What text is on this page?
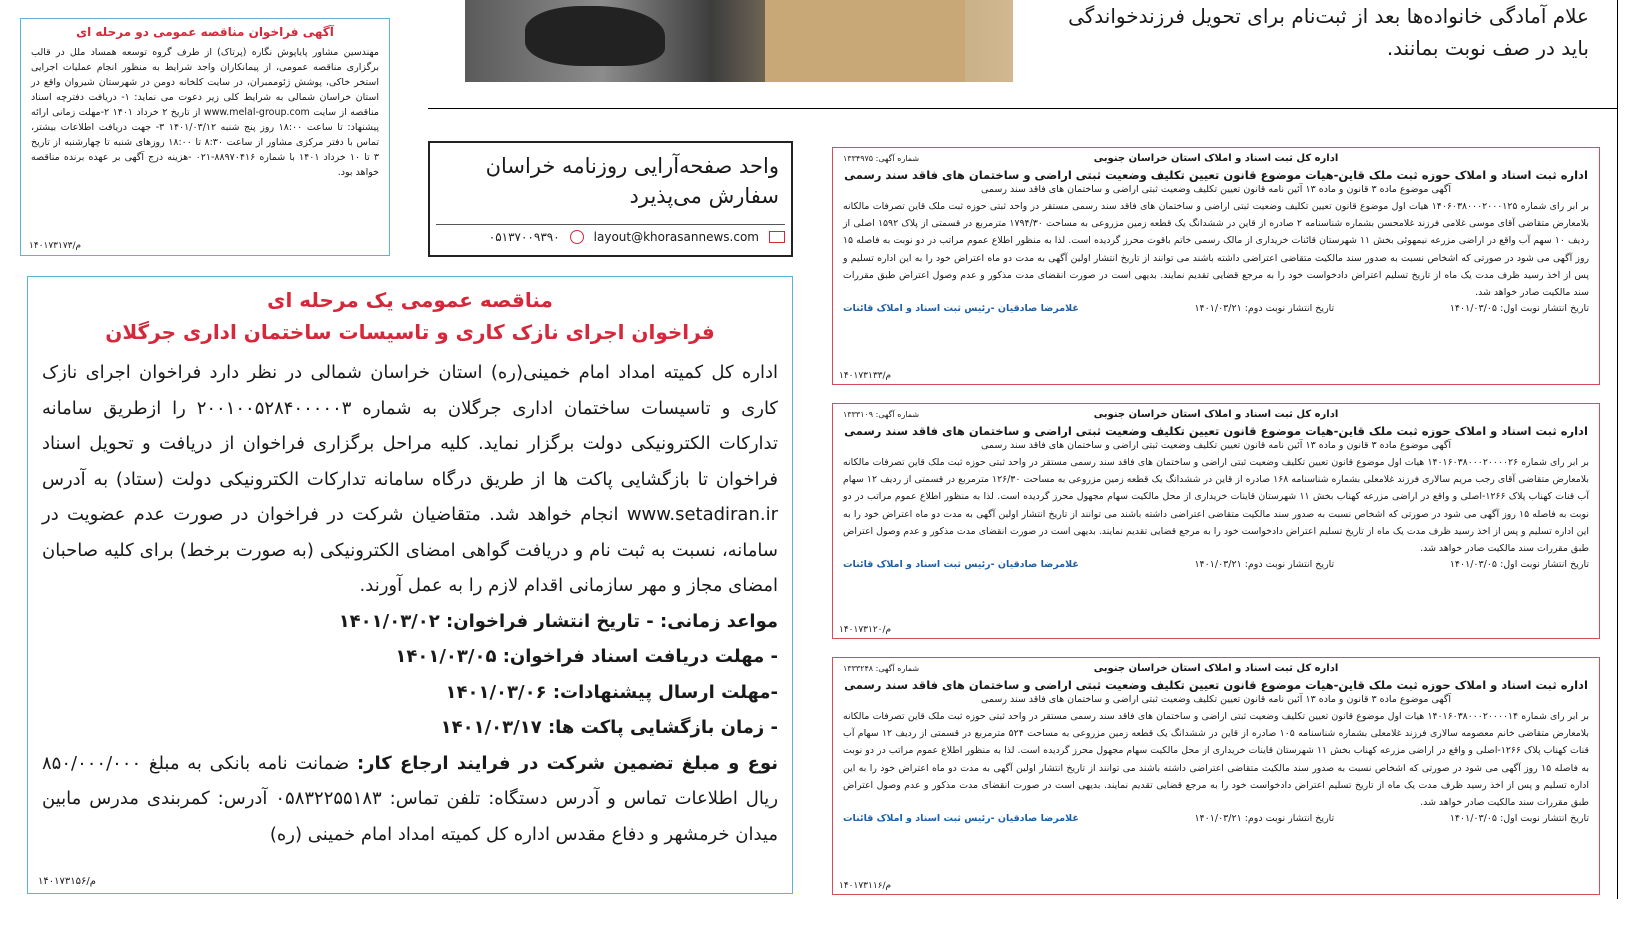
علام آمادگی خانواده‌ها بعد از ثبت‌نام برای تحویل فرزندخواندگی
باید در صف نوبت بمانند.
آگهی فراخوان مناقصه عمومی دو مرحله ای
مهندسین مشاور پایاپوش نگاره (پرتاک) از طرف گروه توسعه همساد ملل در قالب برگزاری مناقصه عمومی، از پیمانکاران واجد شرایط به منظور انجام عملیات اجرایی استخر خاکی، پوشش ژئوممبران، در سایت کلخانه دومن در شهرستان شیروان واقع در استان خراسان شمالی به شرایط کلی زیر دعوت می نماید: ۱- دریافت دفترچه اسناد مناقصه از سایت www.melal-group.com از تاریخ ۲ خرداد ۱۴۰۱ ۲-مهلت زمانی ارائه پیشنهاد: تا ساعت ۱۸:۰۰ روز پنج شنبه ۱۴۰۱/۰۳/۱۲ ۳- جهت دریافت اطلاعات بیشتر، تماس با دفتر مرکزی مشاور از ساعت ۸:۳۰ تا ۱۸:۰۰ روزهای شنبه تا چهارشنبه از تاریخ ۳ تا ۱۰ خرداد ۱۴۰۱ با شماره ۸۸۹۷۰۴۱۶-۰۲۱ -هزینه درج آگهی بر عهده برنده مناقصه خواهد بود.
م/۱۴۰۱۷۳۱۷۳
واحد صفحه‌آرایی روزنامه خراسان
سفارش می‌پذیرد
۰۵۱۳۷۰۰۹۳۹۰	layout@khorasannews.com
مناقصه عمومی یک مرحله ای
فراخوان اجرای نازک کاری و تاسیسات ساختمان اداری جرگلان
اداره کل کمیته امداد امام خمینی(ره) استان خراسان شمالی در نظر دارد فراخوان اجرای نازک کاری و تاسیسات ساختمان اداری جرگلان به شماره ۲۰۰۱۰۰۵۲۸۴۰۰۰۰۰۳ را ازطریق سامانه تدارکات الکترونیکی دولت برگزار نماید. کلیه مراحل برگزاری فراخوان از دریافت و تحویل اسناد فراخوان تا بازگشایی پاکت ها از طریق درگاه سامانه تدارکات الکترونیکی دولت (ستاد) به آدرس www.setadiran.ir انجام خواهد شد. متقاضیان شرکت در فراخوان در صورت عدم عضویت در سامانه، نسبت به ثبت نام و دریافت گواهی امضای الکترونیکی (به صورت برخط) برای کلیه صاحبان امضای مجاز و مهر سازمانی اقدام لازم را به عمل آورند.
مواعد زمانی: - تاریخ انتشار فراخوان: ۱۴۰۱/۰۳/۰۲
- مهلت دریافت اسناد فراخوان: ۱۴۰۱/۰۳/۰۵
-مهلت ارسال پیشنهادات: ۱۴۰۱/۰۳/۰۶
- زمان بازگشایی پاکت ها: ۱۴۰۱/۰۳/۱۷
نوع و مبلغ تضمین شرکت در فرایند ارجاع کار: ضمانت نامه بانکی به مبلغ ۸۵۰/۰۰۰/۰۰۰ ریال اطلاعات تماس و آدرس دستگاه: تلفن تماس: ۰۵۸۳۲۲۵۵۱۸۳ آدرس: کمربندی مدرس مابین میدان خرمشهر و دفاع مقدس اداره کل کمیته امداد امام خمینی (ره)
م/۱۴۰۱۷۳۱۵۶
شماره آگهی: ۱۳۳۴۹۷۵	اداره کل ثبت اسناد و املاک استان خراسان جنوبی
اداره ثبت اسناد و املاک حوزه ثبت ملک قاین-هیات موضوع قانون تعیین تکلیف وضعیت ثبتی اراضی و ساختمان های فاقد سند رسمی
آگهی موضوع ماده ۳ قانون و ماده ۱۳ آئین نامه قانون تعیین تکلیف وضعیت ثبتی اراضی و ساختمان های فاقد سند رسمی
بر ابر رای شماره ۱۴۰۶۰۳۸۰۰۰۲۰۰۰۱۲۵ هیات اول موضوع قانون تعیین تکلیف وضعیت ثبتی اراضی و ساختمان های فاقد سند رسمی مستقر در واحد ثبتی حوزه ثبت ملک قاین تصرفات مالکانه بلامعارض متقاضی آقای موسی غلامی فرزند غلامحسن بشماره شناسنامه ۲ صادره از قاین در ششدانگ یک قطعه زمین مزروعی به مساحت ۱۷۹۴/۳۰ مترمربع در قسمتی از پلاک ۱۵۹۲ اصلی از ردیف ۱۰ سهم آب واقع در اراضی مزرعه نیمهوئی بخش ۱۱ شهرستان قائنات خریداری از مالک رسمی خاتم باقوت محرز گردیده است. لذا به منظور اطلاع عموم مراتب در دو نوبت به فاصله ۱۵ روز آگهی می شود در صورتی که اشخاص نسبت به صدور سند مالکیت متقاضی اعتراضی داشته باشند می توانند از تاریخ انتشار اولین آگهی به مدت دو ماه اعتراض خود را به این اداره تسلیم و پس از اخذ رسید ظرف مدت یک ماه از تاریخ تسلیم اعتراض دادخواست خود را به مرجع قضایی تقدیم نمایند. بدیهی است در صورت انقضای مدت مذکور و عدم وصول اعتراض طبق مقررات سند مالکیت صادر خواهد شد.
تاریخ انتشار نوبت اول: ۱۴۰۱/۰۳/۰۵
تاریخ انتشار نوبت دوم: ۱۴۰۱/۰۳/۲۱
غلامرضا صادقیان -رئیس ثبت اسناد و املاک قائنات
م/۱۴۰۱۷۳۱۳۳
شماره آگهی: ۱۳۳۳۱۰۹	اداره کل ثبت اسناد و املاک استان خراسان جنوبی
اداره ثبت اسناد و املاک حوزه ثبت ملک قاین-هیات موضوع قانون تعیین تکلیف وضعیت ثبتی اراضی و ساختمان های فاقد سند رسمی
آگهی موضوع ماده ۳ قانون و ماده ۱۳ آئین نامه قانون تعیین تکلیف وضعیت ثبتی اراضی و ساختمان های فاقد سند رسمی
بر ابر رای شماره ۱۴۰۱۶۰۳۸۰۰۰۲۰۰۰۰۲۶ هیات اول موضوع قانون تعیین تکلیف وضعیت ثبتی اراضی و ساختمان های فاقد سند رسمی مستقر در واحد ثبتی حوزه ثبت ملک قاین تصرفات مالکانه بلامعارض متقاضی آقای رجب مریم سالاری فرزند غلامعلی بشماره شناسنامه ۱۶۸ صادره از قاین در ششدانگ یک قطعه زمین مزروعی به مساحت ۱۲۶/۳۰ مترمربع در قسمتی از ردیف ۱۲ سهام آب قنات کهناب پلاک ۱۲۶۶-اصلی و واقع در اراضی مزرعه کهناب بخش ۱۱ شهرستان قاینات خریداری از محل مالکیت سهام مجهول محرز گردیده است. لذا به منظور اطلاع عموم مراتب در دو نوبت به فاصله ۱۵ روز آگهی می شود در صورتی که اشخاص نسبت به صدور سند مالکیت متقاضی اعتراضی داشته باشند می توانند از تاریخ انتشار اولین آگهی به مدت دو ماه اعتراض خود را به این اداره تسلیم و پس از اخذ رسید ظرف مدت یک ماه از تاریخ تسلیم اعتراض دادخواست خود را به مرجع قضایی تقدیم نمایند. بدیهی است در صورت انقضای مدت مذکور و عدم وصول اعتراض طبق مقررات سند مالکیت صادر خواهد شد.
تاریخ انتشار نوبت اول: ۱۴۰۱/۰۳/۰۵
تاریخ انتشار نوبت دوم: ۱۴۰۱/۰۳/۲۱
غلامرضا صادقیان -رئیس ثبت اسناد و املاک قائنات
م/۱۴۰۱۷۳۱۲۰
شماره آگهی: ۱۳۳۳۲۴۸	اداره کل ثبت اسناد و املاک استان خراسان جنوبی
اداره ثبت اسناد و املاک حوزه ثبت ملک قاین-هیات موضوع قانون تعیین تکلیف وضعیت ثبتی اراضی و ساختمان های فاقد سند رسمی
آگهی موضوع ماده ۳ قانون و ماده ۱۳ آئین نامه قانون تعیین تکلیف وضعیت ثبتی اراضی و ساختمان های فاقد سند رسمی
بر ابر رای شماره ۱۴۰۱۶۰۳۸۰۰۰۲۰۰۰۰۱۴ هیات اول موضوع قانون تعیین تکلیف وضعیت ثبتی اراضی و ساختمان های فاقد سند رسمی مستقر در واحد ثبتی حوزه ثبت ملک قاین تصرفات مالکانه بلامعارض متقاضی خانم معصومه سالاری فرزند غلامعلی بشماره شناسنامه ۱۰۵ صادره از قاین در ششدانگ یک قطعه زمین مزروعی به مساحت ۵۲۴ مترمربع در قسمتی از ردیف ۱۲ سهام آب قنات کهناب پلاک ۱۲۶۶-اصلی و واقع در اراضی مزرعه کهناب بخش ۱۱ شهرستان قاینات خریداری از محل مالکیت سهام مجهول محرز گردیده است. لذا به منظور اطلاع عموم مراتب در دو نوبت به فاصله ۱۵ روز آگهی می شود در صورتی که اشخاص نسبت به صدور سند مالکیت متقاضی اعتراضی داشته باشند می توانند از تاریخ انتشار اولین آگهی به مدت دو ماه اعتراض خود را به این اداره تسلیم و پس از اخذ رسید ظرف مدت یک ماه از تاریخ تسلیم اعتراض دادخواست خود را به مرجع قضایی تقدیم نمایند. بدیهی است در صورت انقضای مدت مذکور و عدم وصول اعتراض طبق مقررات سند مالکیت صادر خواهد شد.
تاریخ انتشار نوبت اول: ۱۴۰۱/۰۳/۰۵
تاریخ انتشار نوبت دوم: ۱۴۰۱/۰۳/۲۱
غلامرضا صادقیان -رئیس ثبت اسناد و املاک قائنات
م/۱۴۰۱۷۳۱۱۶
